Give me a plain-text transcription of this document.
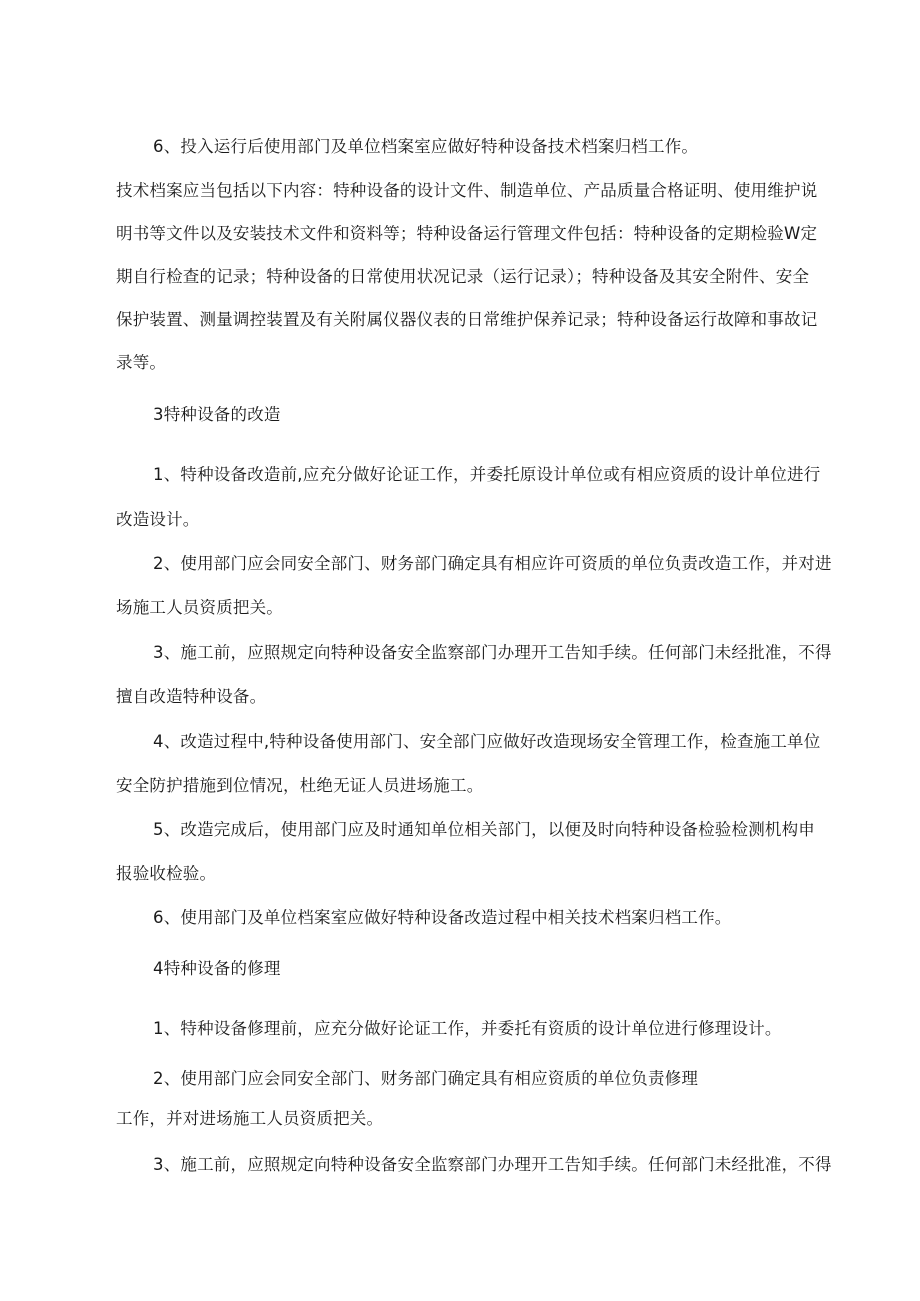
6、投入运行后使用部门及单位档案室应做好特种设备技术档案归档工作。
技术档案应当包括以下内容：特种设备的设计文件、制造单位、产品质量合格证明、使用维护说
明书等文件以及安装技术文件和资料等；特种设备运行管理文件包括：特种设备的定期检验W定
期自行检查的记录；特种设备的日常使用状况记录（运行记录）；特种设备及其安全附件、安全
保护装置、测量调控装置及有关附属仪器仪表的日常维护保养记录；特种设备运行故障和事故记
录等。
3特种设备的改造
1、特种设备改造前,应充分做好论证工作，并委托原设计单位或有相应资质的设计单位进行
改造设计。
2、使用部门应会同安全部门、财务部门确定具有相应许可资质的单位负责改造工作，并对进
场施工人员资质把关。
3、施工前，应照规定向特种设备安全监察部门办理开工告知手续。任何部门未经批准，不得
擅自改造特种设备。
4、改造过程中,特种设备使用部门、安全部门应做好改造现场安全管理工作，检查施工单位
安全防护措施到位情况，杜绝无证人员进场施工。
5、改造完成后，使用部门应及时通知单位相关部门，以便及时向特种设备检验检测机构申
报验收检验。
6、使用部门及单位档案室应做好特种设备改造过程中相关技术档案归档工作。
4特种设备的修理
1、特种设备修理前，应充分做好论证工作，并委托有资质的设计单位进行修理设计。
2、使用部门应会同安全部门、财务部门确定具有相应资质的单位负责修理
工作，并对进场施工人员资质把关。
3、施工前，应照规定向特种设备安全监察部门办理开工告知手续。任何部门未经批准，不得
